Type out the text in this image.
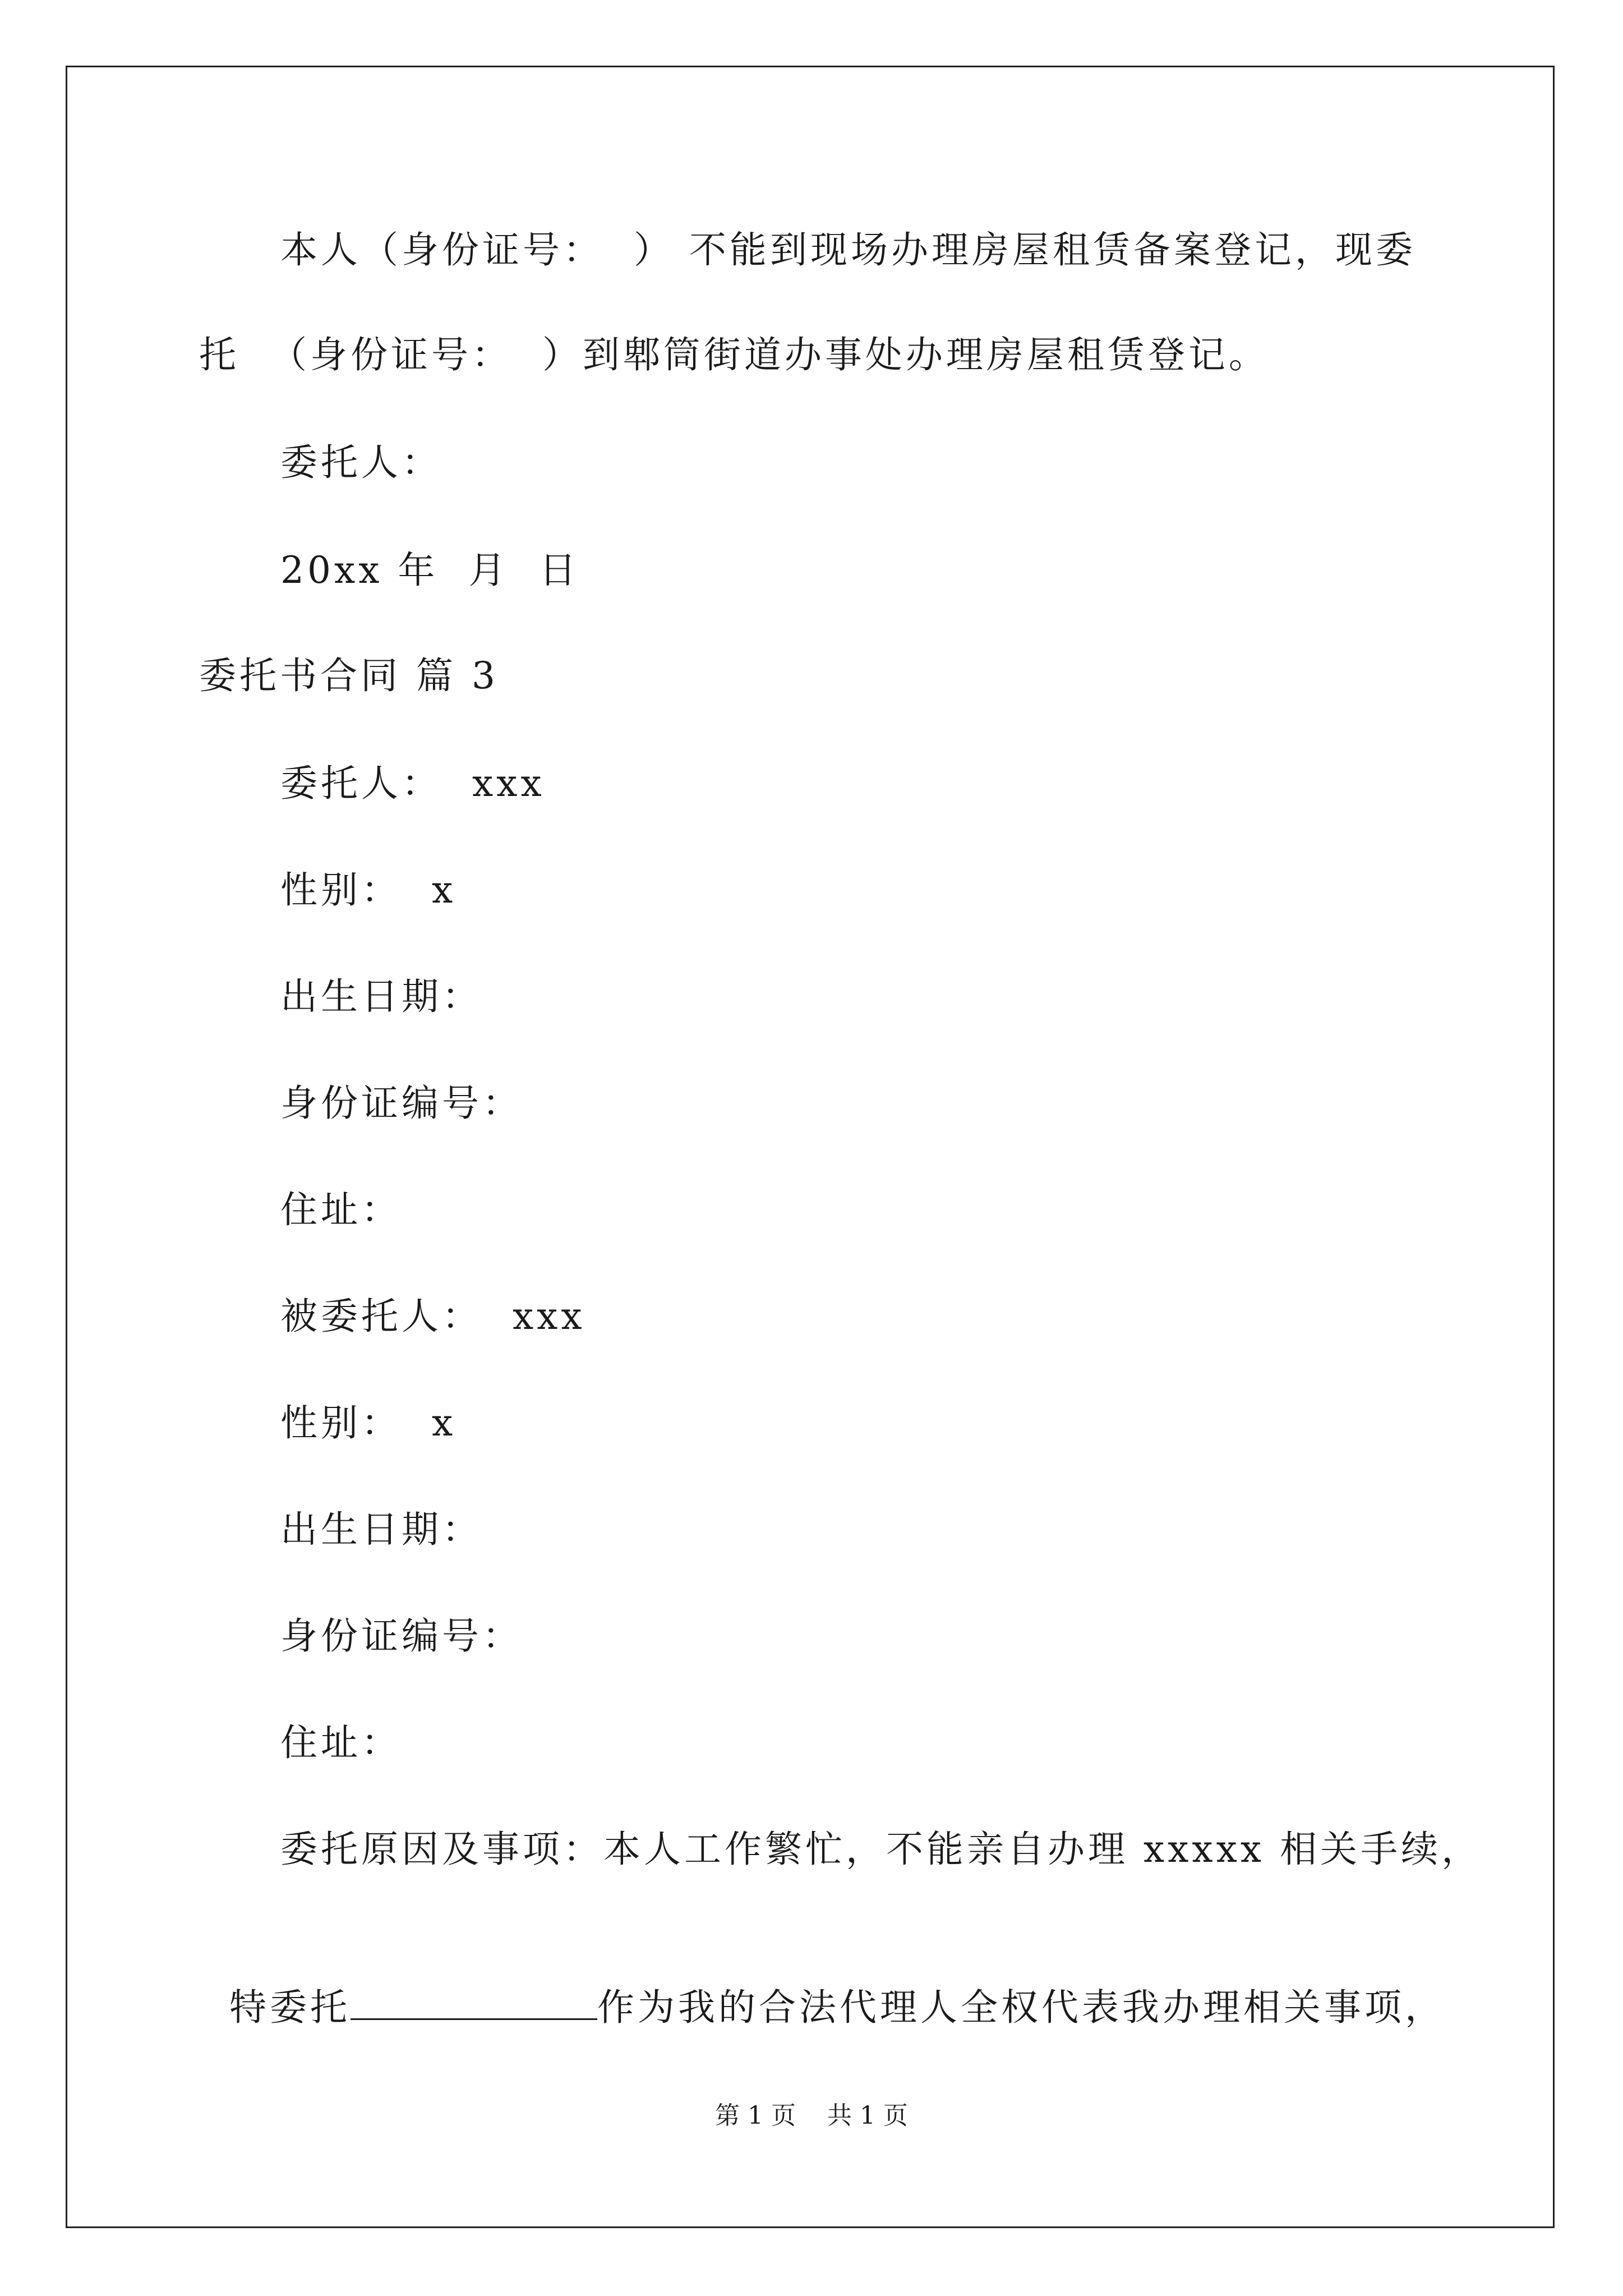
本人（身份证号：  ） 不能到现场办理房屋租赁备案登记，现委
托  （身份证号：  ）到郫筒街道办事处办理房屋租赁登记。
委托人：
20xx 年  月  日
委托书合同 篇 3
委托人：  xxx
性别：  x
出生日期：
身份证编号：
住址：
被委托人：  xxx
性别：  x
出生日期：
身份证编号：
住址：
委托原因及事项：本人工作繁忙，不能亲自办理 xxxxx 相关手续，

特委托	作为我的合法代理人全权代表我办理相关事项，

第 1 页    共 1 页
